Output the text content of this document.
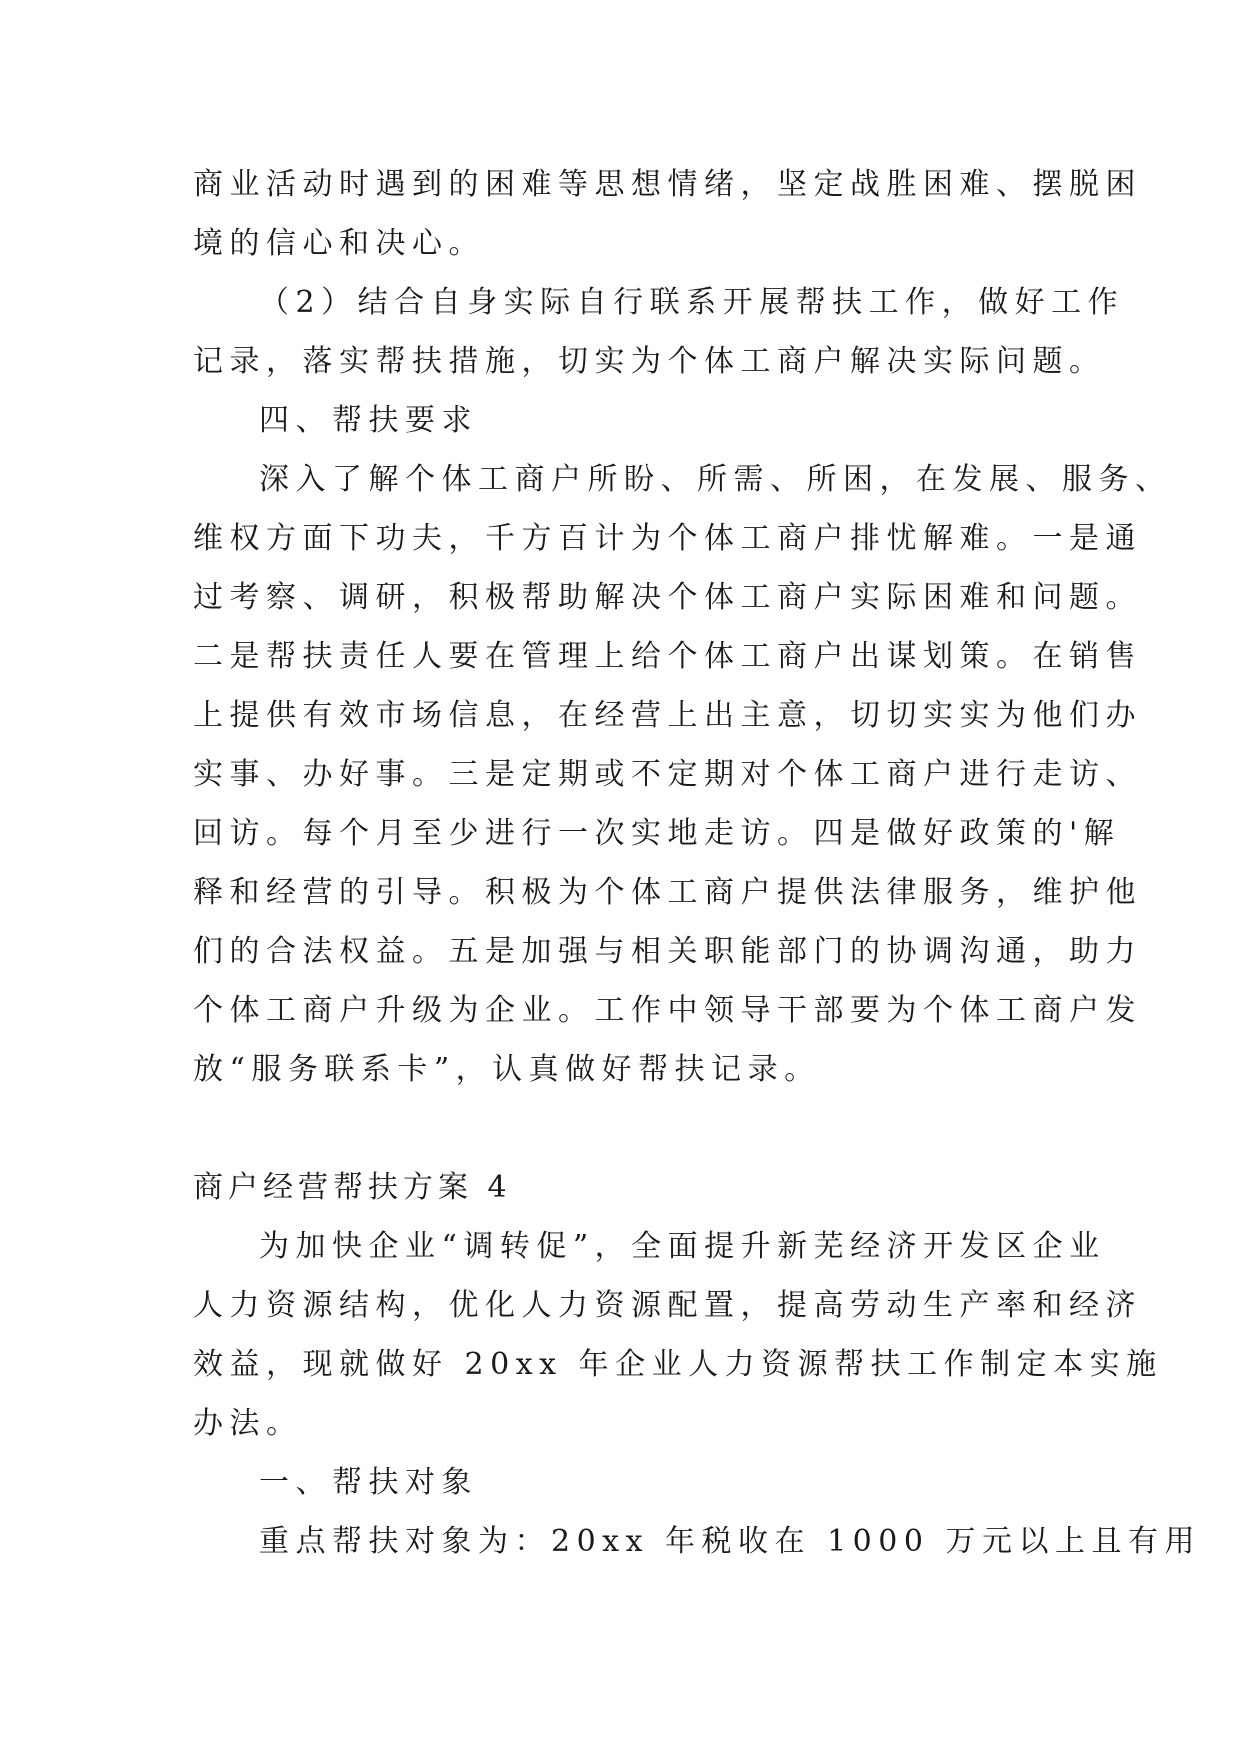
商业活动时遇到的困难等思想情绪，坚定战胜困难、摆脱困
境的信心和决心。
（2）结合自身实际自行联系开展帮扶工作，做好工作
记录，落实帮扶措施，切实为个体工商户解决实际问题。
四、帮扶要求
深入了解个体工商户所盼、所需、所困，在发展、服务、
维权方面下功夫，千方百计为个体工商户排忧解难。一是通
过考察、调研，积极帮助解决个体工商户实际困难和问题。
二是帮扶责任人要在管理上给个体工商户出谋划策。在销售
上提供有效市场信息，在经营上出主意，切切实实为他们办
实事、办好事。三是定期或不定期对个体工商户进行走访、
回访。每个月至少进行一次实地走访。四是做好政策的'解
释和经营的引导。积极为个体工商户提供法律服务，维护他
们的合法权益。五是加强与相关职能部门的协调沟通，助力
个体工商户升级为企业。工作中领导干部要为个体工商户发
放“服务联系卡”，认真做好帮扶记录。
商户经营帮扶方案 4
为加快企业“调转促”，全面提升新芜经济开发区企业
人力资源结构，优化人力资源配置，提高劳动生产率和经济
效益，现就做好 20xx 年企业人力资源帮扶工作制定本实施
办法。
一、帮扶对象
重点帮扶对象为：20xx 年税收在 1000 万元以上且有用
